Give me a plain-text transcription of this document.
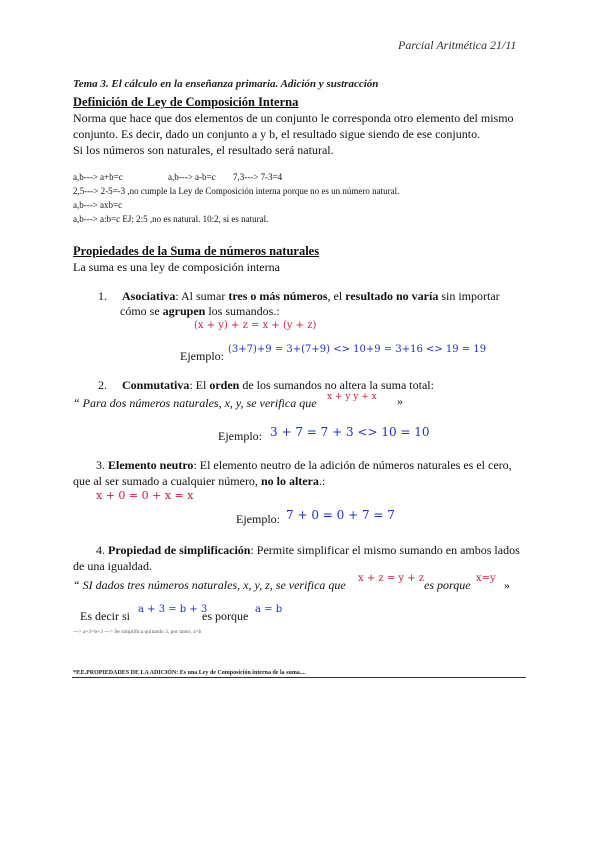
Parcial Aritmética 21/11
Tema 3. El cálculo en la enseñanza primaria. Adición y sustracción
Definición de Ley de Composición Interna
Norma que hace que dos elementos de un conjunto le corresponda otro elemento del mismo
conjunto. Es decir, dado un conjunto a y b, el resultado sigue siendo de ese conjunto.
Si los números son naturales, el resultado será natural.
a,b---> a+b=c	a,b---> a-b=c 7,3---> 7-3=4
2,5---> 2-5=-3 ,no cumple la Ley de Composición interna porque no es un número natural.
a,b---> axb=c
a,b---> a:b=c EJ: 2:5 ,no es natural. 10:2, si es natural.
Propiedades de la Suma de números naturales
La suma es una ley de composición interna
1. Asociativa: Al sumar tres o más números, el resultado no varía sin importar
cómo se agrupen los sumandos.:
(x + y) + z = x + (y + z)
Ejemplo: (3+7)+9 = 3+(7+9) <> 10+9 = 3+16 <> 19 = 19
2. Conmutativa: El orden de los sumandos no altera la suma total:
“ Para dos números naturales, x, y, se verifica que x + y y + x »
Ejemplo: 3 + 7 = 7 + 3 <> 10 = 10
3. Elemento neutro: El elemento neutro de la adición de números naturales es el cero,
que al ser sumado a cualquier número, no lo altera.:
x + 0 = 0 + x = x
Ejemplo: 7 + 0 = 0 + 7 = 7
4. Propiedad de simplificación: Permite simplificar el mismo sumando en ambos lados
de una igualdad.
“ SI dados tres números naturales, x, y, z, se verifica que x + z = y + z es porque x=y »
Es decir si a + 3 = b + 3
es porque a = b
---> a+3=b+3 ---> Se simplifica quitando 3, por tanto, a=b
*P.E.PROPIEDADES DE LA ADICIÓN: Es una Ley de Composición interna de la suma....
